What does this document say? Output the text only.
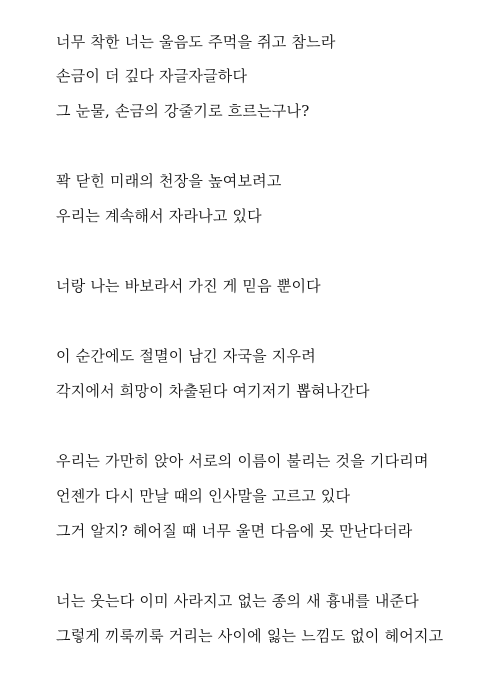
너무 착한 너는 울음도 주먹을 쥐고 참느라
손금이 더 깊다 자글자글하다
그 눈물, 손금의 강줄기로 흐르는구나?
꽉 닫힌 미래의 천장을 높여보려고
우리는 계속해서 자라나고 있다
너랑 나는 바보라서 가진 게 믿음 뿐이다
이 순간에도 절멸이 남긴 자국을 지우려
각지에서 희망이 차출된다 여기저기 뽑혀나간다
우리는 가만히 앉아 서로의 이름이 불리는 것을 기다리며
언젠가 다시 만날 때의 인사말을 고르고 있다
그거 알지? 헤어질 때 너무 울면 다음에 못 만난다더라
너는 웃는다 이미 사라지고 없는 종의 새 흉내를 내준다
그렇게 끼룩끼룩 거리는 사이에 잃는 느낌도 없이 헤어지고
